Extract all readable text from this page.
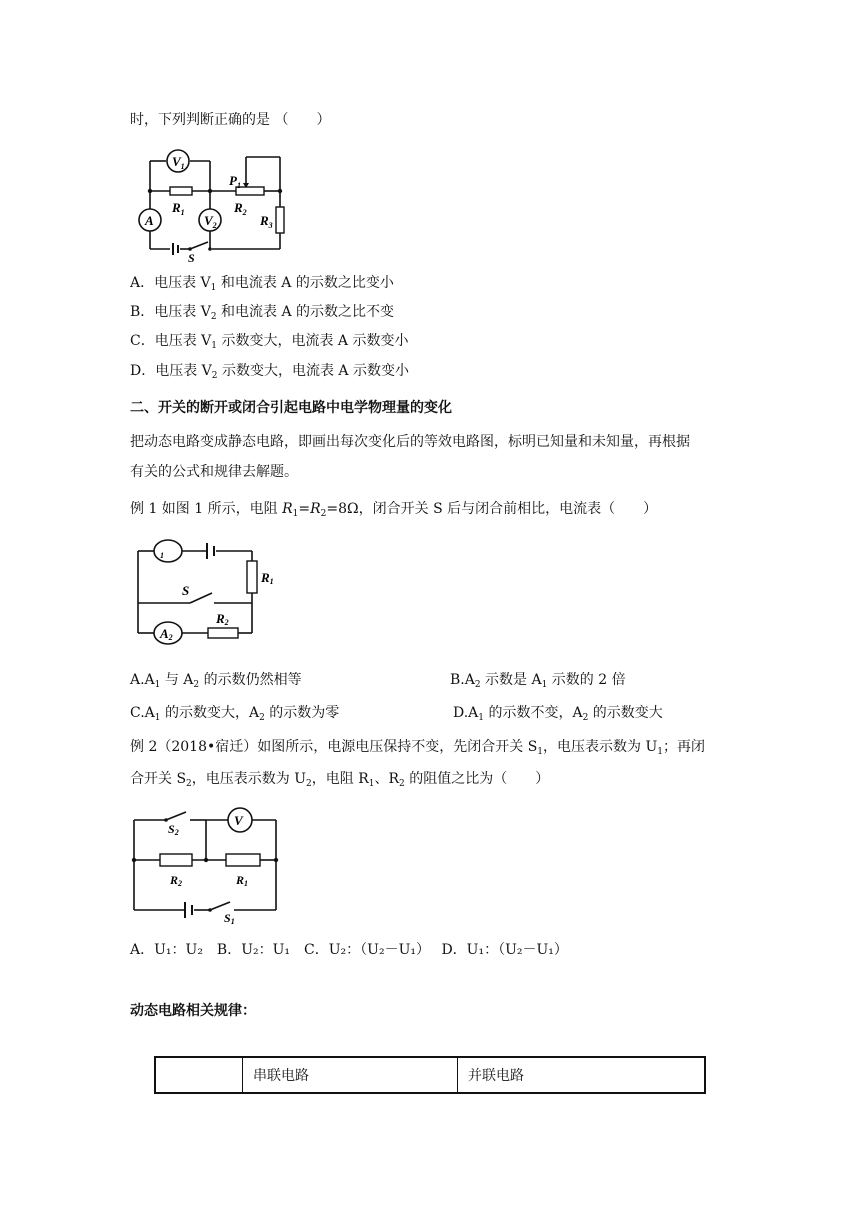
时，下列判断正确的是 （　　）
$V_1$
A	$V_2$
$R_1$	$R_2$
$R_3$
$P_1$
S
A．电压表 $V_1$ 和电流表 A 的示数之比变小
B．电压表 $V_2$ 和电流表 A 的示数之比不变
C．电压表 $V_1$ 示数变大，电流表 A 示数变小
D．电压表 $V_2$ 示数变大，电流表 A 示数变小
二、开关的断开或闭合引起电路中电学物理量的变化
把动态电路变成静态电路，即画出每次变化后的等效电路图，标明已知量和未知量，再根据
有关的公式和规律去解题。
例 1 如图 1 所示，电阻 $R_1=R_2=8\Omega$，闭合开关 S 后与闭合前相比，电流表（　　）
1
A2
R1
R2
S
$A.A_1$ 与 $A_2$ 的示数仍然相等	$B.A_2$ 示数是 $A_1$ 示数的 2 倍
$C.A_1$ 的示数变大，$A_2$ 的示数为零	$D.A_1$ 的示数不变，$A_2$ 的示数变大
例 2（2018•宿迁）如图所示，电源电压保持不变，先闭合开关 $S_1$，电压表示数为 $U_1$；再闭
合开关 $S_2$，电压表示数为 $U_2$，电阻 $R_1$、$R_2$ 的阻值之比为（　　）
V
S2
R2	R1
S1
A．U₁：U₂　B．U₂：U₁　C．U₂：（U₂－U₁）　 D．U₁：（U₂－U₁）
动态电路相关规律：
	串联电路	并联电路
